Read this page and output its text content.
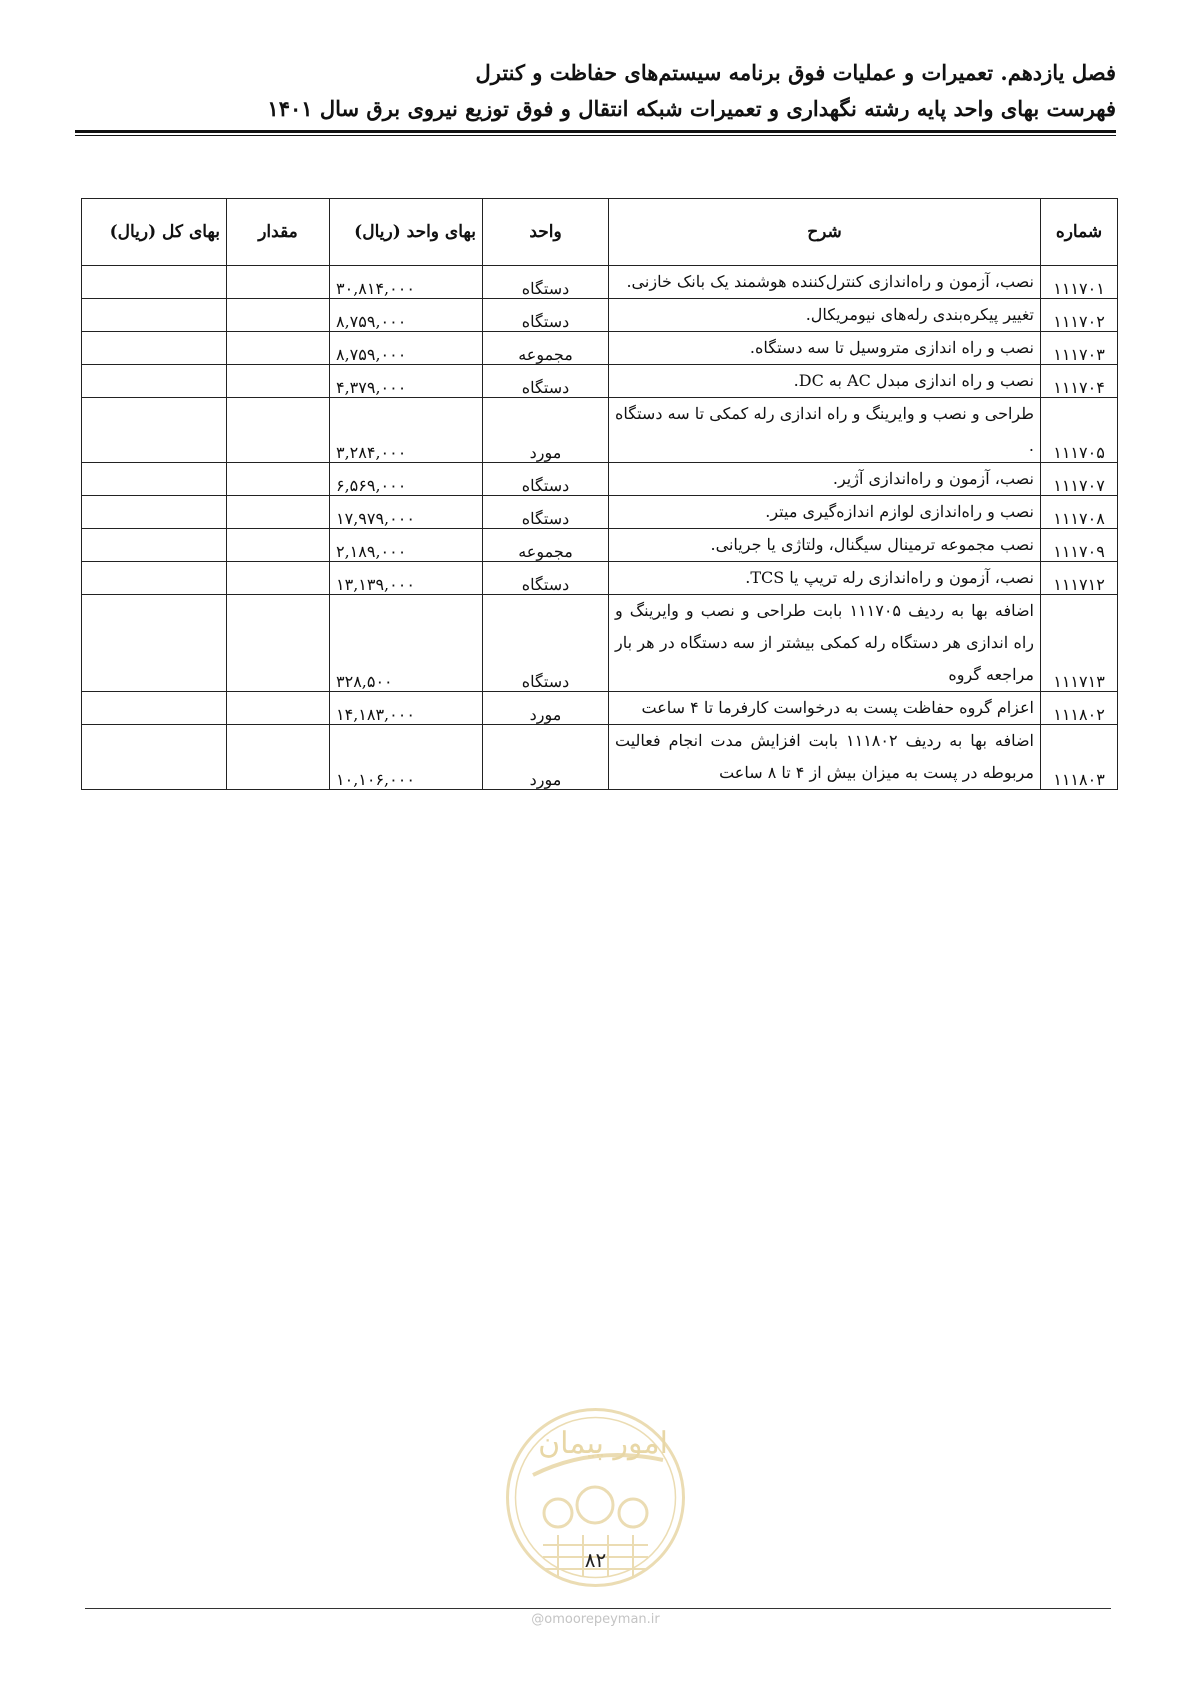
فصل یازدهم. تعمیرات و عملیات فوق برنامه سیستم‌های حفاظت و کنترل
فهرست بهای واحد پایه رشته نگهداری و تعمیرات شبکه انتقال و فوق توزیع نیروی برق سال ۱۴۰۱
شماره	شرح	واحد	بهای واحد (ریال)	مقدار	بهای کل (ریال)
۱۱۱۷۰۱	نصب، آزمون و راه‌اندازی کنترل‌کننده هوشمند یک بانک خازنی.	دستگاه	۳۰,۸۱۴,۰۰۰		
۱۱۱۷۰۲	تغییر پیکره‌بندی رله‌های نیومریکال.	دستگاه	۸,۷۵۹,۰۰۰		
۱۱۱۷۰۳	نصب و راه اندازی متروسیل تا سه دستگاه.	مجموعه	۸,۷۵۹,۰۰۰		
۱۱۱۷۰۴	نصب و راه اندازی مبدل AC به DC.	دستگاه	۴,۳۷۹,۰۰۰		
۱۱۱۷۰۵	طراحی و نصب و وایرینگ و راه اندازی رله کمکی تا سه دستگاه .	مورد	۳,۲۸۴,۰۰۰		
۱۱۱۷۰۷	نصب، آزمون و راه‌اندازی آژیر.	دستگاه	۶,۵۶۹,۰۰۰		
۱۱۱۷۰۸	نصب و راه‌اندازی لوازم اندازه‌گیری میتر.	دستگاه	۱۷,۹۷۹,۰۰۰		
۱۱۱۷۰۹	نصب مجموعه ترمینال سیگنال، ولتاژی یا جریانی.	مجموعه	۲,۱۸۹,۰۰۰		
۱۱۱۷۱۲	نصب، آزمون و راه‌اندازی رله تریپ یا TCS.	دستگاه	۱۳,۱۳۹,۰۰۰		
۱۱۱۷۱۳	اضافه بها به ردیف ۱۱۱۷۰۵ بابت طراحی و نصب و وایرینگ و راه اندازی هر دستگاه رله کمکی بیشتر از سه دستگاه در هر بار مراجعه گروه	دستگاه	۳۲۸,۵۰۰		
۱۱۱۸۰۲	اعزام گروه حفاظت پست به درخواست کارفرما تا ۴ ساعت	مورد	۱۴,۱۸۳,۰۰۰		
۱۱۱۸۰۳	اضافه بها به ردیف ۱۱۱۸۰۲ بابت افزایش مدت انجام فعالیت مربوطه در پست به میزان بیش از ۴ تا ۸ ساعت	مورد	۱۰,۱۰۶,۰۰۰		
امور پیمان
۸۲
@omoorepeyman.ir
